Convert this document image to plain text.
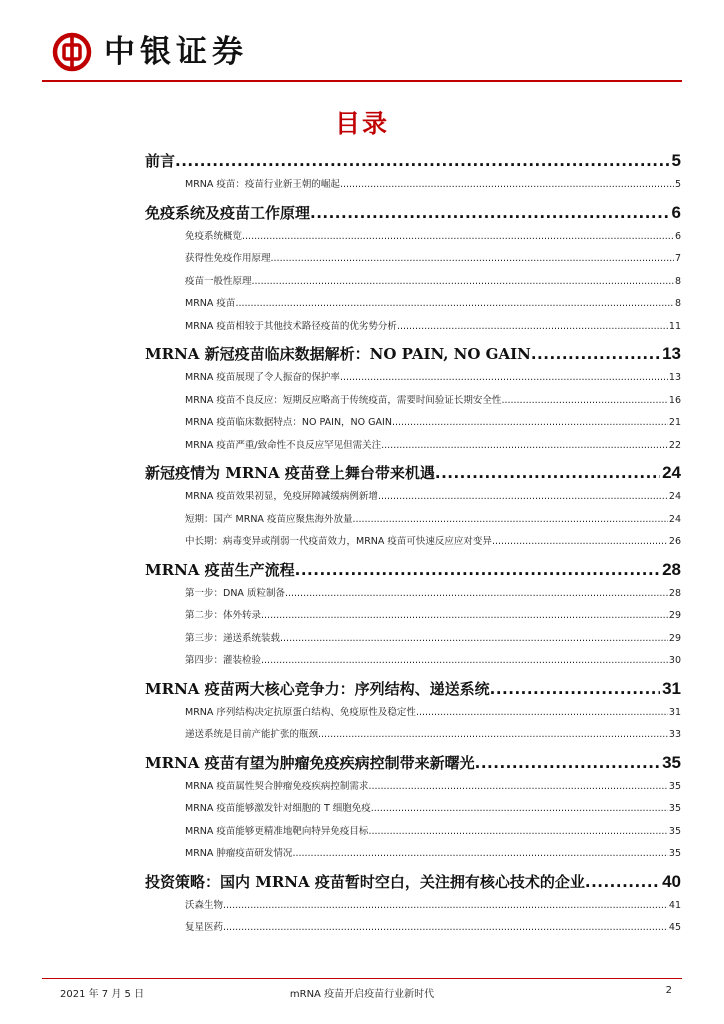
中银证券
目录
前言 .....	5
MRNA 疫苗：疫苗行业新王朝的崛起 .....	5
免疫系统及疫苗工作原理 .....	6
免疫系统概览 .....	6
获得性免疫作用原理 .....	7
疫苗一般性原理 .....	8
MRNA 疫苗 .....	8
MRNA 疫苗相较于其他技术路径疫苗的优劣势分析 .....	11
MRNA 新冠疫苗临床数据解析：NO PAIN, NO GAIN .....	13
MRNA 疫苗展现了令人振奋的保护率 .....	13
MRNA 疫苗不良反应：短期反应略高于传统疫苗，需要时间验证长期安全性 .....	16
MRNA 疫苗临床数据特点：NO PAIN，NO GAIN .....	21
MRNA 疫苗严重/致命性不良反应罕见但需关注 .....	22
新冠疫情为 MRNA 疫苗登上舞台带来机遇 .....	24
MRNA 疫苗效果初显，免疫屏障减缓病例新增 .....	24
短期：国产 MRNA 疫苗应聚焦海外放量 .....	24
中长期：病毒变异或削弱一代疫苗效力，MRNA 疫苗可快速反应应对变异 .....	26
MRNA 疫苗生产流程 .....	28
第一步：DNA 质粒制备 .....	28
第二步：体外转录 .....	29
第三步：递送系统装载 .....	29
第四步：灌装检验 .....	30
MRNA 疫苗两大核心竞争力：序列结构、递送系统 .....	31
MRNA 序列结构决定抗原蛋白结构、免疫原性及稳定性 .....	31
递送系统是目前产能扩张的瓶颈 .....	33
MRNA 疫苗有望为肿瘤免疫疾病控制带来新曙光 .....	35
MRNA 疫苗属性契合肿瘤免疫疾病控制需求 .....	35
MRNA 疫苗能够激发针对细胞的 T 细胞免疫 .....	35
MRNA 疫苗能够更精准地靶向特异免疫目标 .....	35
MRNA 肿瘤疫苗研发情况 .....	35
投资策略：国内 MRNA 疫苗暂时空白，关注拥有核心技术的企业 .....	40
沃森生物 .....	41
复星医药 .....	45
2021 年 7 月 5 日	mRNA 疫苗开启疫苗行业新时代	2
